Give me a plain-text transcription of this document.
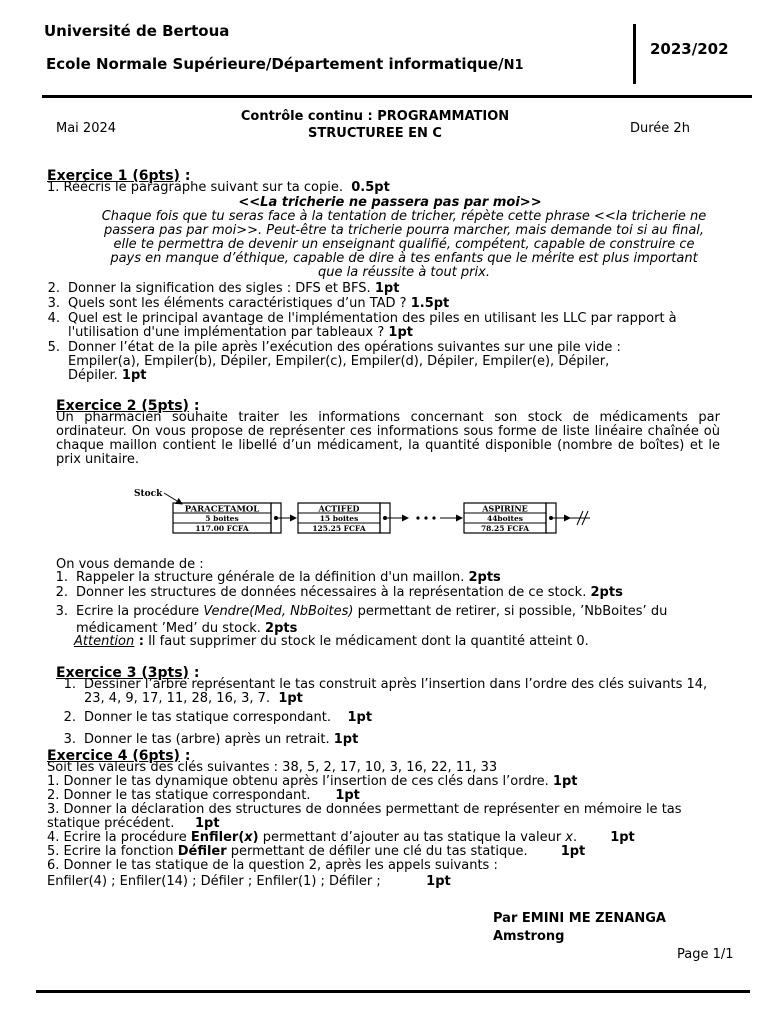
Université de Bertoua
Ecole Normale Supérieure/Département informatique/N1
2023/202
Mai 2024
Contrôle continu : PROGRAMMATION
STRUCTUREE EN C	Durée 2h
Exercice 1 (6pts) :
1. Réécris le paragraphe suivant sur ta copie. 0.5pt
<<La tricherie ne passera pas par moi>>
Chaque fois que tu seras face à la tentation de tricher, répète cette phrase <<la tricherie ne passera pas par moi>>. Peut-être ta tricherie pourra marcher, mais demande toi si au final, elle te permettra de devenir un enseignant qualifié, compétent, capable de construire ce pays en manque d’éthique, capable de dire à tes enfants que le mérite est plus important que la réussite à tout prix.
2. Donner la signification des sigles : DFS et BFS. 1pt
3. Quels sont les éléments caractéristiques d’un TAD ? 1.5pt
4. Quel est le principal avantage de l'implémentation des piles en utilisant les LLC par rapport à l'utilisation d'une implémentation par tableaux ? 1pt
5. Donner l’état de la pile après l’exécution des opérations suivantes sur une pile vide : Empiler(a), Empiler(b), Dépiler, Empiler(c), Empiler(d), Dépiler, Empiler(e), Dépiler, Dépiler. 1pt
Exercice 2 (5pts) :
Un pharmacien souhaite traiter les informations concernant son stock de médicaments par ordinateur. On vous propose de représenter ces informations sous forme de liste linéaire chaînée où chaque maillon contient le libellé d’un médicament, la quantité disponible (nombre de boîtes) et le prix unitaire.
Stock
PARACETAMOL
5 boites
117.00 FCFA
ACTIFED
15 boites
125.25 FCFA
ASPIRINE
44boites
78.25 FCFA
On vous demande de :
1. Rappeler la structure générale de la définition d'un maillon. 2pts
2. Donner les structures de données nécessaires à la représentation de ce stock. 2pts
3. Ecrire la procédure Vendre(Med, NbBoites) permettant de retirer, si possible, ’NbBoites’ du médicament ’Med’ du stock. 2pts
Attention : Il faut supprimer du stock le médicament dont la quantité atteint 0.
Exercice 3 (3pts) :
1. Dessiner l’arbre représentant le tas construit après l’insertion dans l’ordre des clés suivants 14, 23, 4, 9, 17, 11, 28, 16, 3, 7. 1pt
2. Donner le tas statique correspondant. 1pt
3. Donner le tas (arbre) après un retrait. 1pt
Exercice 4 (6pts) :
Soit les valeurs des clés suivantes : 38, 5, 2, 17, 10, 3, 16, 22, 11, 33
1. Donner le tas dynamique obtenu après l’insertion de ces clés dans l’ordre. 1pt
2. Donner le tas statique correspondant. 1pt
3. Donner la déclaration des structures de données permettant de représenter en mémoire le tas statique précédent. 1pt
4. Ecrire la procédure Enfiler(x) permettant d’ajouter au tas statique la valeur x.	1pt
5. Ecrire la fonction Défiler permettant de défiler une clé du tas statique.	1pt
6. Donner le tas statique de la question 2, après les appels suivants :
Enfiler(4) ; Enfiler(14) ; Défiler ; Enfiler(1) ; Défiler ;	1pt
Par EMINI ME ZENANGA
Amstrong
Page 1/1
